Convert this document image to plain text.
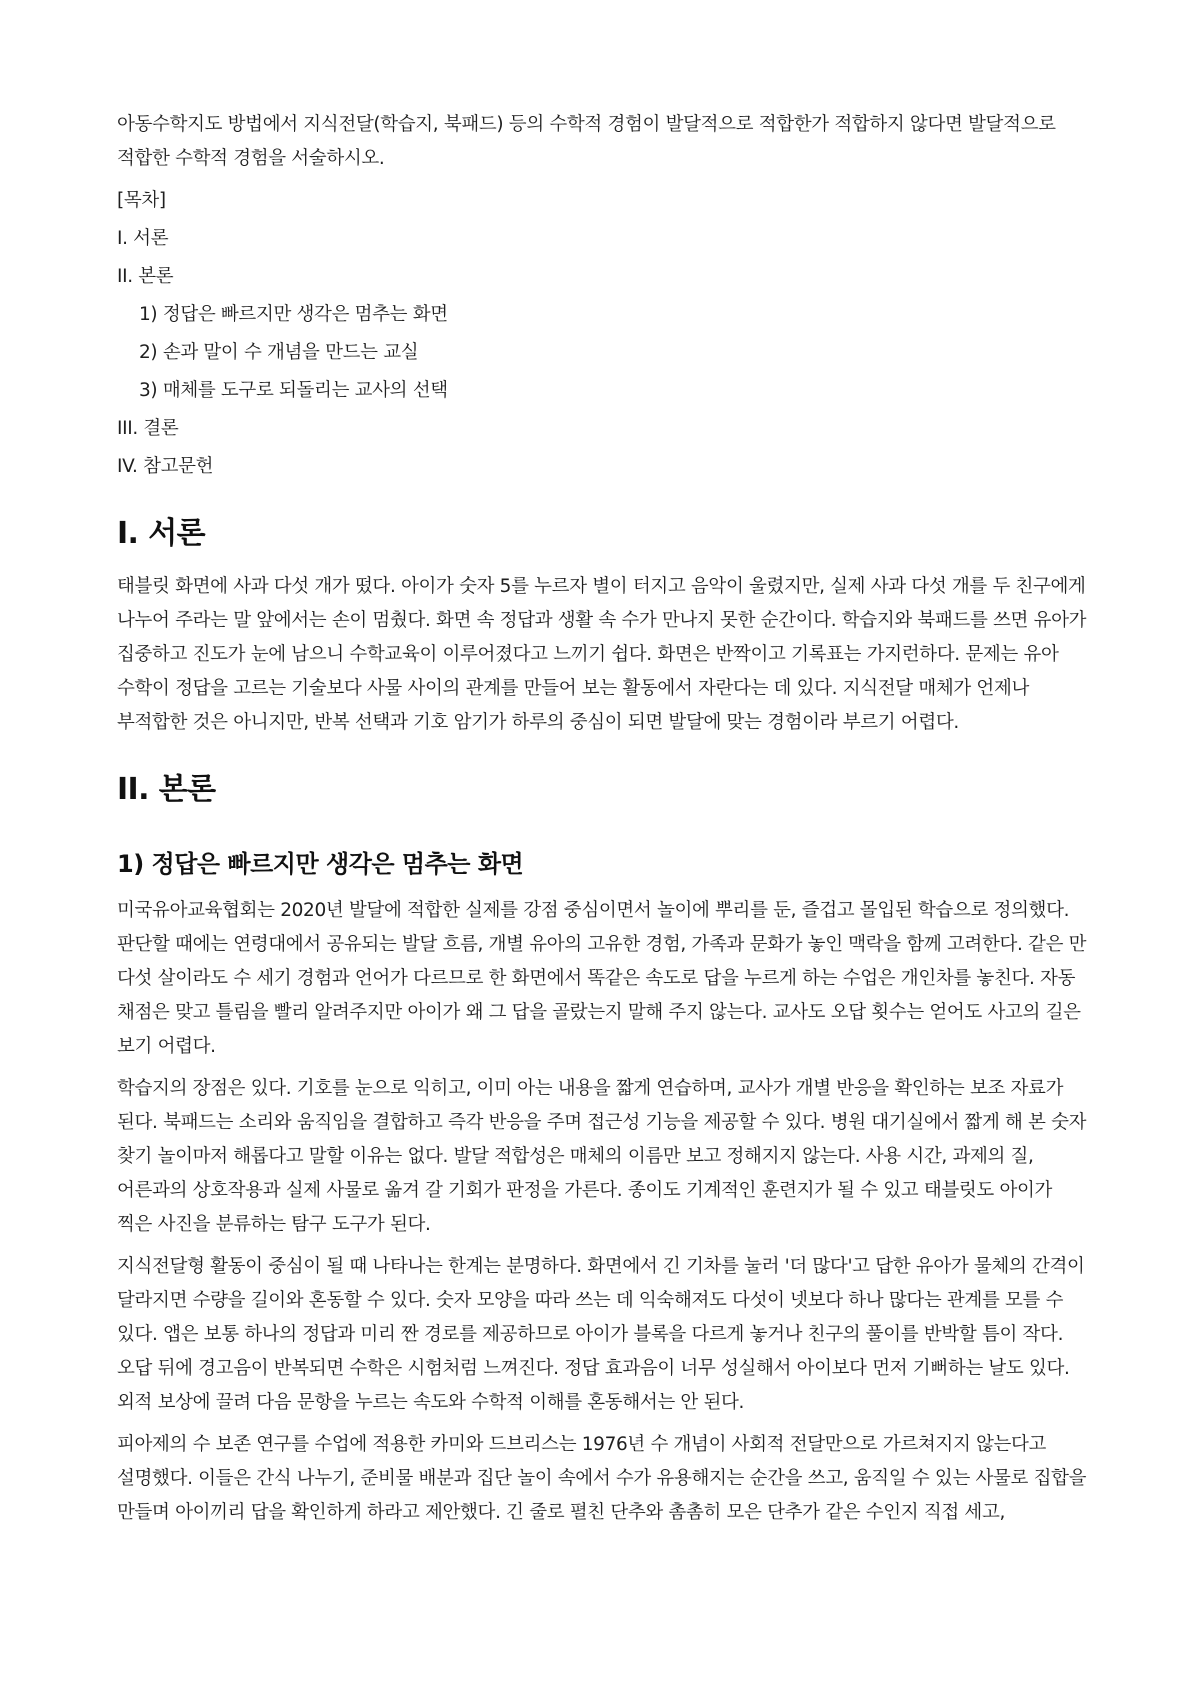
아동수학지도 방법에서 지식전달(학습지, 북패드) 등의 수학적 경험이 발달적으로 적합한가 적합하지 않다면 발달적으로 적합한 수학적 경험을 서술하시오.

[목차]

I. 서론

II. 본론

1) 정답은 빠르지만 생각은 멈추는 화면

2) 손과 말이 수 개념을 만드는 교실

3) 매체를 도구로 되돌리는 교사의 선택

III. 결론

IV. 참고문헌

I. 서론

태블릿 화면에 사과 다섯 개가 떴다. 아이가 숫자 5를 누르자 별이 터지고 음악이 울렸지만, 실제 사과 다섯 개를 두 친구에게 나누어 주라는 말 앞에서는 손이 멈췄다. 화면 속 정답과 생활 속 수가 만나지 못한 순간이다. 학습지와 북패드를 쓰면 유아가 집중하고 진도가 눈에 남으니 수학교육이 이루어졌다고 느끼기 쉽다. 화면은 반짝이고 기록표는 가지런하다. 문제는 유아 수학이 정답을 고르는 기술보다 사물 사이의 관계를 만들어 보는 활동에서 자란다는 데 있다. 지식전달 매체가 언제나 부적합한 것은 아니지만, 반복 선택과 기호 암기가 하루의 중심이 되면 발달에 맞는 경험이라 부르기 어렵다.

II. 본론
1) 정답은 빠르지만 생각은 멈추는 화면

미국유아교육협회는 2020년 발달에 적합한 실제를 강점 중심이면서 놀이에 뿌리를 둔, 즐겁고 몰입된 학습으로 정의했다. 판단할 때에는 연령대에서 공유되는 발달 흐름, 개별 유아의 고유한 경험, 가족과 문화가 놓인 맥락을 함께 고려한다. 같은 만 다섯 살이라도 수 세기 경험과 언어가 다르므로 한 화면에서 똑같은 속도로 답을 누르게 하는 수업은 개인차를 놓친다. 자동 채점은 맞고 틀림을 빨리 알려주지만 아이가 왜 그 답을 골랐는지 말해 주지 않는다. 교사도 오답 횟수는 얻어도 사고의 길은 보기 어렵다.

학습지의 장점은 있다. 기호를 눈으로 익히고, 이미 아는 내용을 짧게 연습하며, 교사가 개별 반응을 확인하는 보조 자료가 된다. 북패드는 소리와 움직임을 결합하고 즉각 반응을 주며 접근성 기능을 제공할 수 있다. 병원 대기실에서 짧게 해 본 숫자 찾기 놀이마저 해롭다고 말할 이유는 없다. 발달 적합성은 매체의 이름만 보고 정해지지 않는다. 사용 시간, 과제의 질, 어른과의 상호작용과 실제 사물로 옮겨 갈 기회가 판정을 가른다. 종이도 기계적인 훈련지가 될 수 있고 태블릿도 아이가 찍은 사진을 분류하는 탐구 도구가 된다.

지식전달형 활동이 중심이 될 때 나타나는 한계는 분명하다. 화면에서 긴 기차를 눌러 '더 많다'고 답한 유아가 물체의 간격이 달라지면 수량을 길이와 혼동할 수 있다. 숫자 모양을 따라 쓰는 데 익숙해져도 다섯이 넷보다 하나 많다는 관계를 모를 수 있다. 앱은 보통 하나의 정답과 미리 짠 경로를 제공하므로 아이가 블록을 다르게 놓거나 친구의 풀이를 반박할 틈이 작다. 오답 뒤에 경고음이 반복되면 수학은 시험처럼 느껴진다. 정답 효과음이 너무 성실해서 아이보다 먼저 기뻐하는 날도 있다. 외적 보상에 끌려 다음 문항을 누르는 속도와 수학적 이해를 혼동해서는 안 된다.

피아제의 수 보존 연구를 수업에 적용한 카미와 드브리스는 1976년 수 개념이 사회적 전달만으로 가르쳐지지 않는다고 설명했다. 이들은 간식 나누기, 준비물 배분과 집단 놀이 속에서 수가 유용해지는 순간을 쓰고, 움직일 수 있는 사물로 집합을 만들며 아이끼리 답을 확인하게 하라고 제안했다. 긴 줄로 펼친 단추와 촘촘히 모은 단추가 같은 수인지 직접 세고,
